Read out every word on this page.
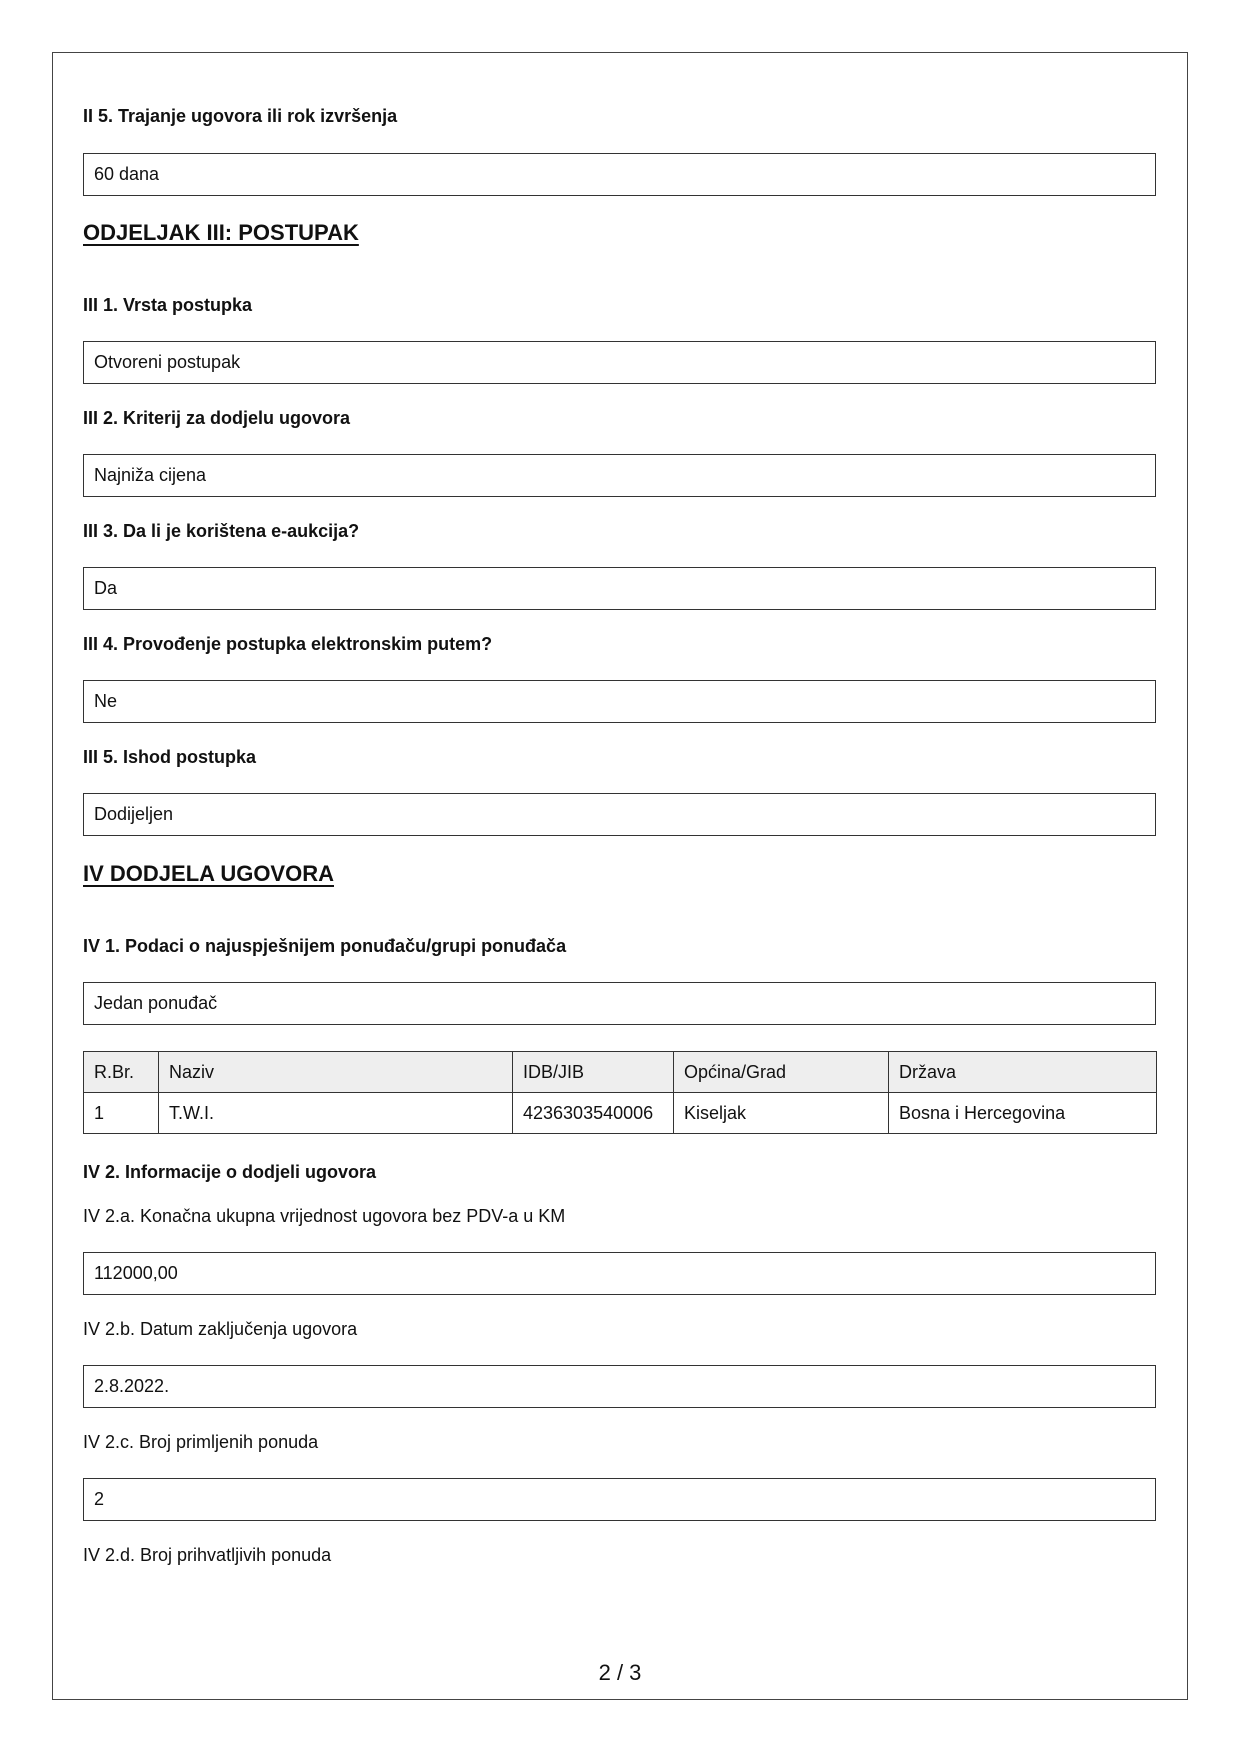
II 5. Trajanje ugovora ili rok izvršenja
60 dana
ODJELJAK III: POSTUPAK
III 1. Vrsta postupka
Otvoreni postupak
III 2. Kriterij za dodjelu ugovora
Najniža cijena
III 3. Da li je korištena e-aukcija?
Da
III 4. Provođenje postupka elektronskim putem?
Ne
III 5. Ishod postupka
Dodijeljen
IV DODJELA UGOVORA
IV 1. Podaci o najuspješnijem ponuđaču/grupi ponuđača
Jedan ponuđač
R.Br.	Naziv	IDB/JIB	Općina/Grad	Država
1	T.W.I.	4236303540006	Kiseljak	Bosna i Hercegovina
IV 2. Informacije o dodjeli ugovora
IV 2.a. Konačna ukupna vrijednost ugovora bez PDV-a u KM
112000,00
IV 2.b. Datum zaključenja ugovora
2.8.2022.
IV 2.c. Broj primljenih ponuda
2
IV 2.d. Broj prihvatljivih ponuda
2 / 3
